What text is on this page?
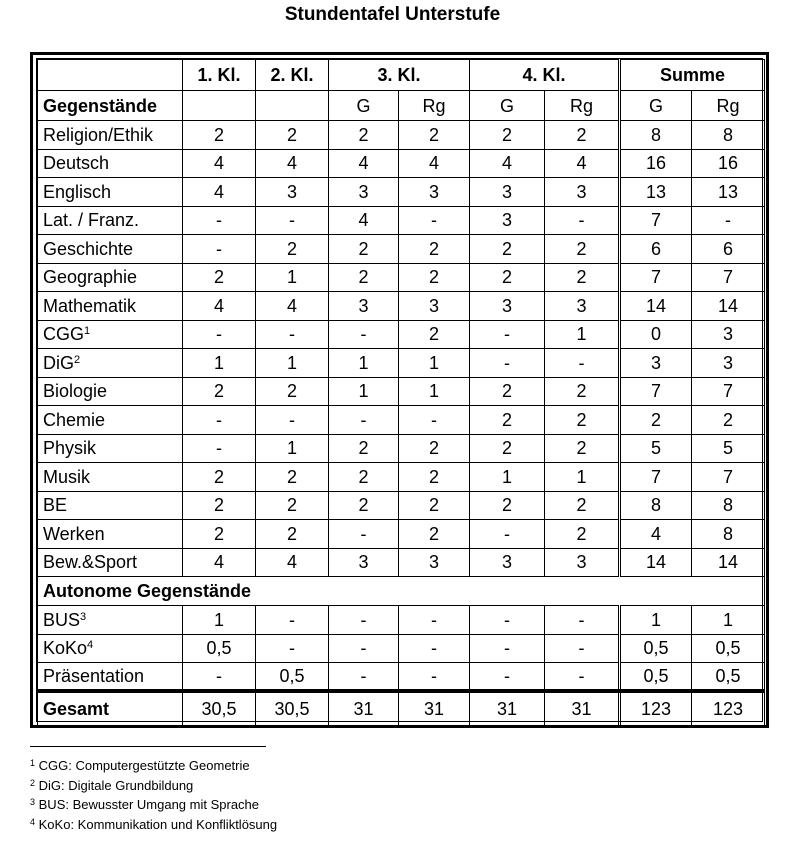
Stundentafel Unterstufe
	1. Kl.	2. Kl.	3. Kl.		4. Kl.		Summe	
Gegenstände			G	Rg	G	Rg	G	Rg
Religion/Ethik	2	2	2	2	2	2	8	8
Deutsch	4	4	4	4	4	4	16	16
Englisch	4	3	3	3	3	3	13	13
Lat. / Franz.	-	-	4	-	3	-	7	-
Geschichte	-	2	2	2	2	2	6	6
Geographie	2	1	2	2	2	2	7	7
Mathematik	4	4	3	3	3	3	14	14
CGG$^1$	-	-	-	2	-	1	0	3
DiG$^2$	1	1	1	1	-	-	3	3
Biologie	2	2	1	1	2	2	7	7
Chemie	-	-	-	-	2	2	2	2
Physik	-	1	2	2	2	2	5	5
Musik	2	2	2	2	1	1	7	7
BE	2	2	2	2	2	2	8	8
Werken	2	2	-	2	-	2	4	8
Bew.&Sport	4	4	3	3	3	3	14	14
Autonome Gegenstände								
BUS$^3$	1	-	-	-	-	-	1	1
KoKo$^4$	0,5	-	-	-	-	-	0,5	0,5
Präsentation	-	0,5	-	-	-	-	0,5	0,5
Gesamt	30,5	30,5	31	31	31	31	123	123
$^1$ CGG: Computergestützte Geometrie
$^2$ DiG: Digitale Grundbildung
$^3$ BUS: Bewusster Umgang mit Sprache
$^4$ KoKo: Kommunikation und Konfliktlösung
